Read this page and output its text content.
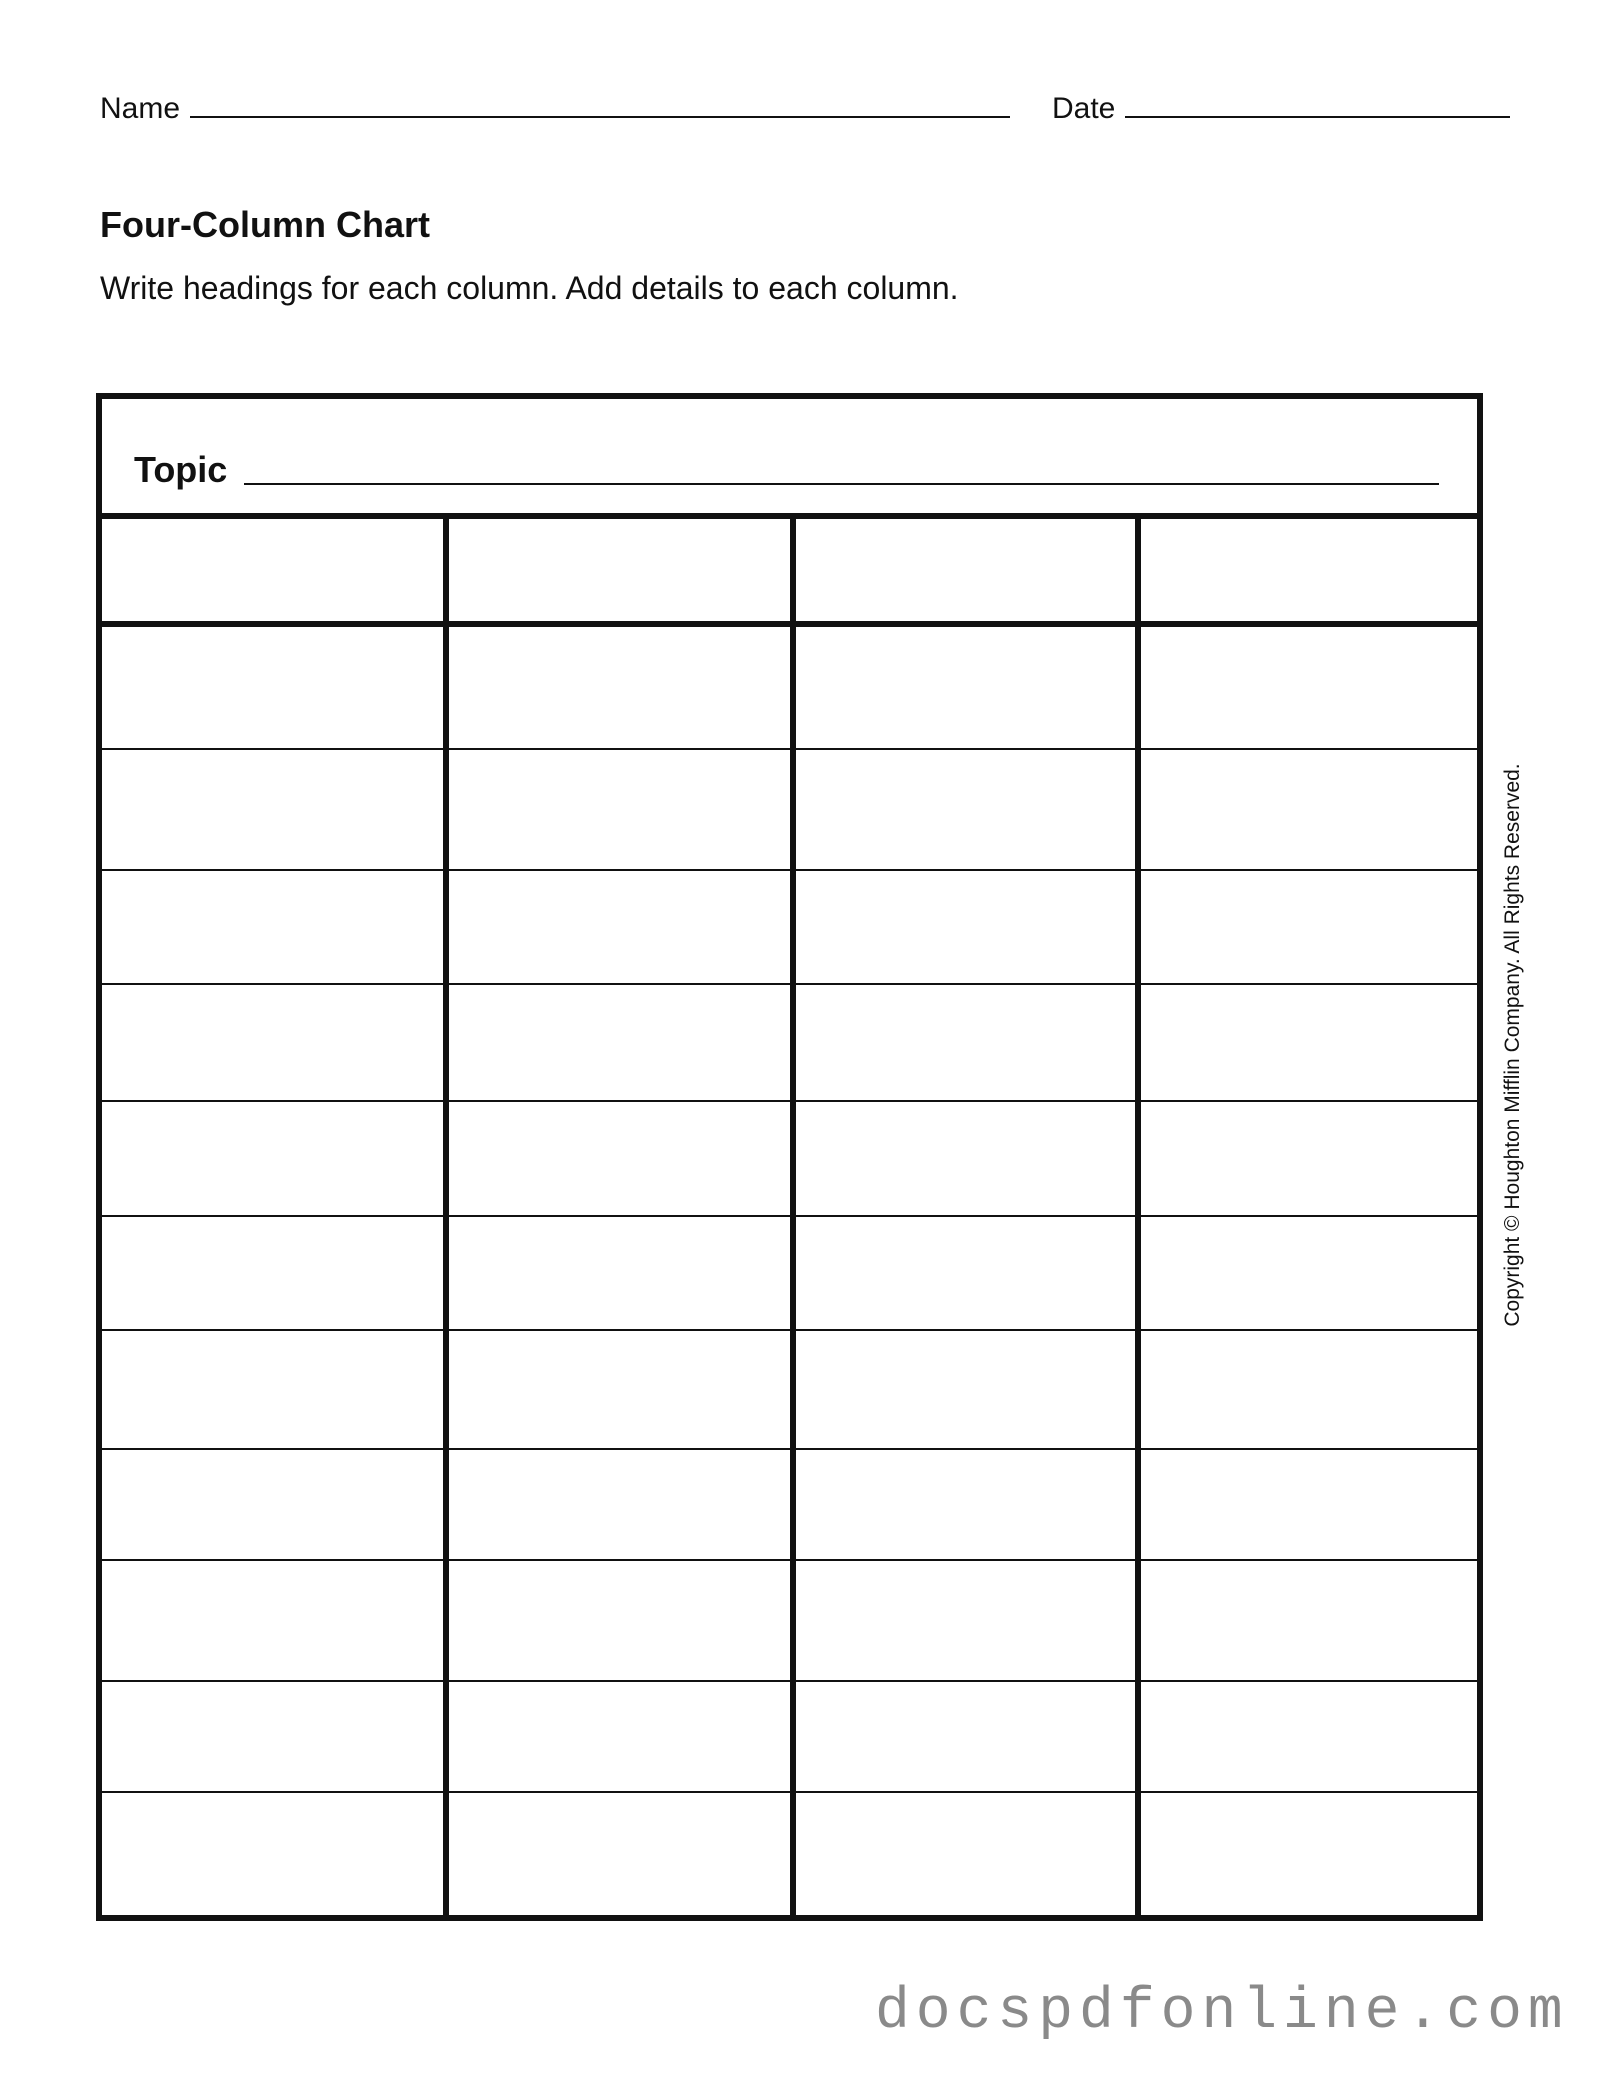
Name	Date
Four-Column Chart

Write headings for each column. Add details to each column.

Topic
Copyright © Houghton Mifflin Company. All Rights Reserved.
docspdfonline.com
